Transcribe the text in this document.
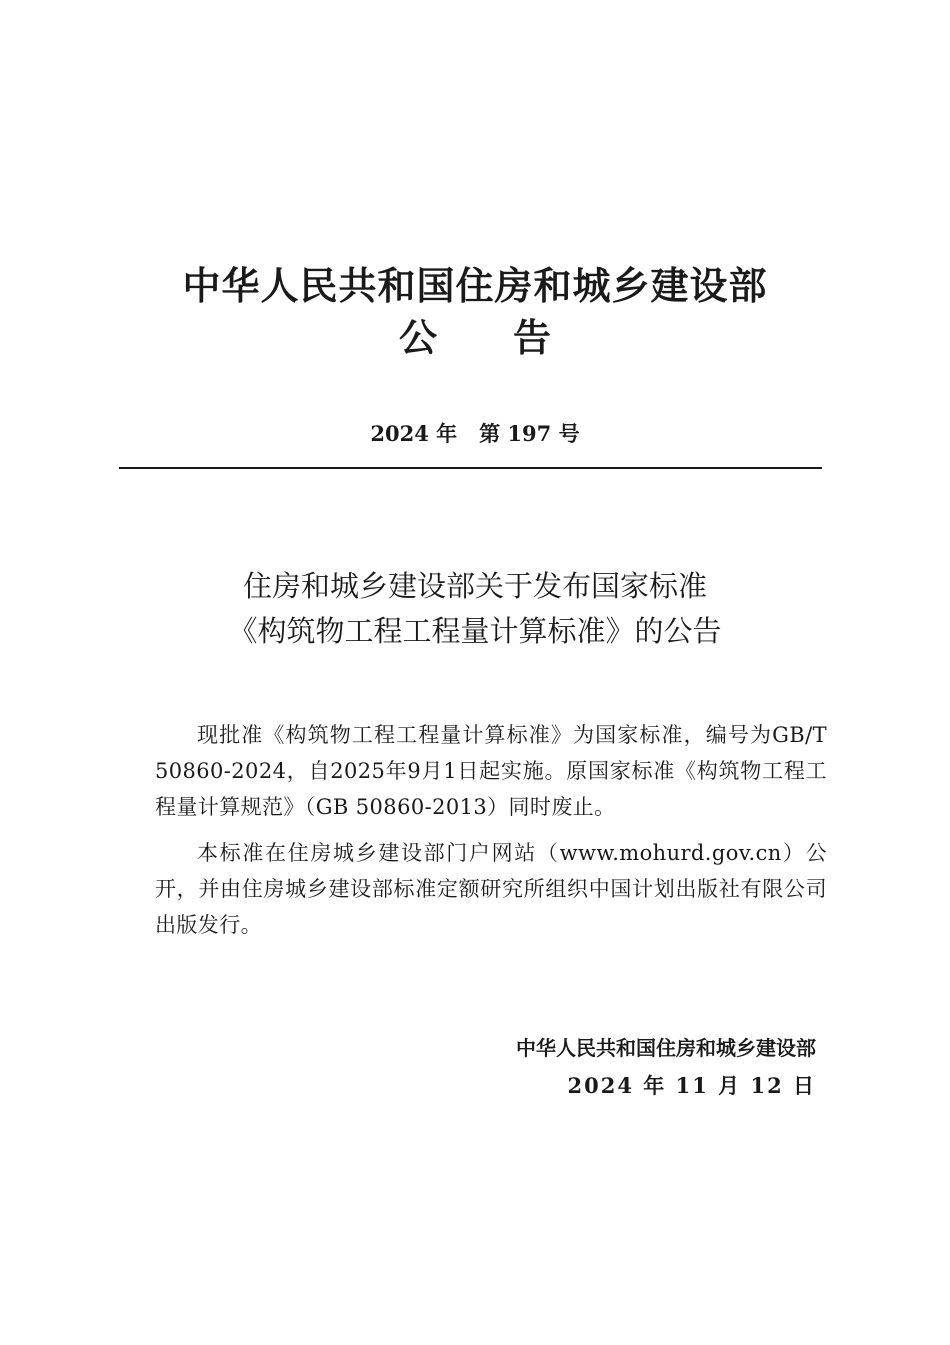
中华人民共和国住房和城乡建设部
公告
2024 年   第 197 号
住房和城乡建设部关于发布国家标准
《构筑物工程工程量计算标准》的公告

现批准《构筑物工程工程量计算标准》为国家标准，编号为GB/T 50860-2024，自2025年9月1日起实施。原国家标准《构筑物工程工程量计算规范》（GB 50860-2013）同时废止。

本标准在住房城乡建设部门户网站（www.mohurd.gov.cn）公开，并由住房城乡建设部标准定额研究所组织中国计划出版社有限公司出版发行。

中华人民共和国住房和城乡建设部
2024 年 11 月 12 日
